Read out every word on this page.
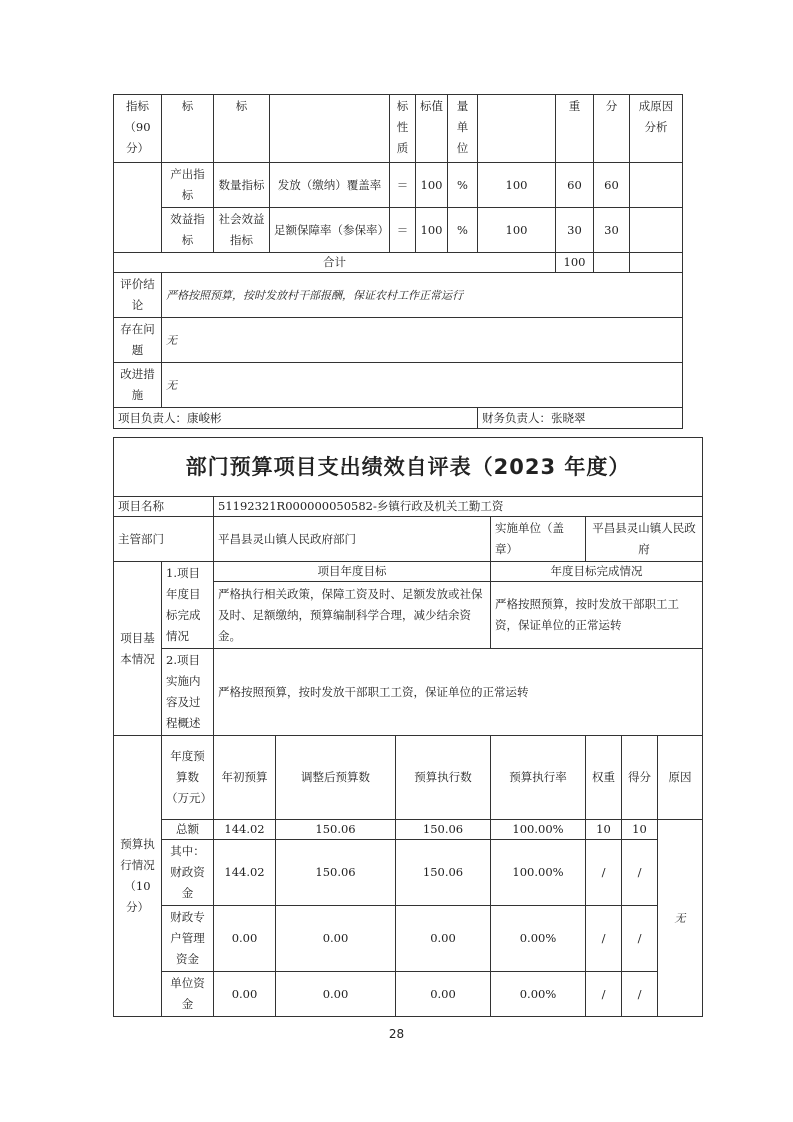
指标（90分）	标	标		标性质	标值	量单位		重	分	成原因分析
	产出指标	数量指标	发放（缴纳）覆盖率	＝	100	%	100	60	60	
	效益指标	社会效益指标	足额保障率（参保率）	＝	100	%	100	30	30	
合计								100		
评价结论	严格按照预算，按时发放村干部报酬，保证农村工作正常运行									
存在问题	无									
改进措施	无									
项目负责人：康峻彬							财务负责人：张晓翠			
部门预算项目支出绩效自评表（2023 年度）								
项目名称		51192321R000000050582-乡镇行政及机关工勤工资						
主管部门		平昌县灵山镇人民政府部门			实施单位（盖章）	平昌县灵山镇人民政府		
项目基本情况	1.项目年度目标完成情况	项目年度目标			年度目标完成情况			
		严格执行相关政策，保障工资及时、足额发放或社保及时、足额缴纳，预算编制科学合理，减少结余资金。			严格按照预算，按时发放干部职工工资，保证单位的正常运转			
	2.项目实施内容及过程概述	严格按照预算，按时发放干部职工工资，保证单位的正常运转						
预算执行情况（10分）	年度预算数（万元）	年初预算	调整后预算数	预算执行数	预算执行率	权重	得分	原因
	总额	144.02	150.06	150.06	100.00%	10	10	无
	其中：财政资金	144.02	150.06	150.06	100.00%	/	/	
	财政专户管理资金	0.00	0.00	0.00	0.00%	/	/	
	单位资金	0.00	0.00	0.00	0.00%	/	/	
28
